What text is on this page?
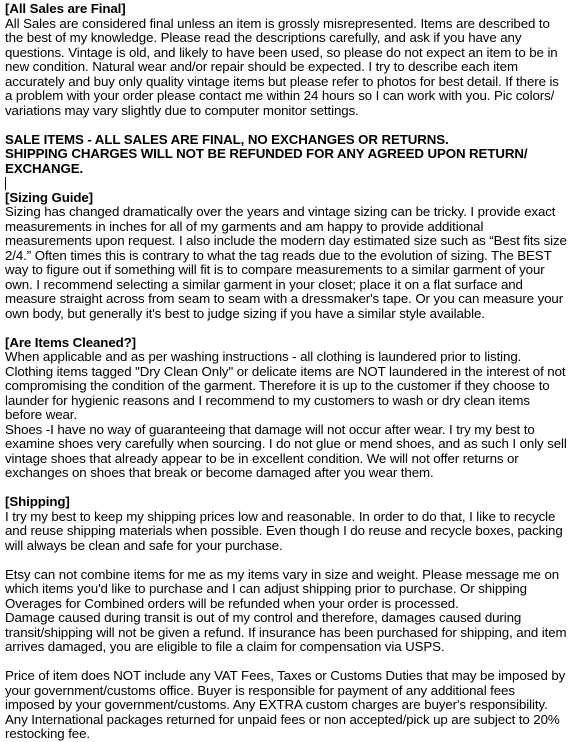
[All Sales are Final]
All Sales are considered final unless an item is grossly misrepresented. Items are described to the best of my knowledge. Please read the descriptions carefully, and ask if you have any questions. Vintage is old, and likely to have been used, so please do not expect an item to be in new condition. Natural wear and/or repair should be expected. I try to describe each item accurately and buy only quality vintage items but please refer to photos for best detail. If there is a problem with your order please contact me within 24 hours so I can work with you. Pic colors/ variations may vary slightly due to computer monitor settings.
SALE ITEMS - ALL SALES ARE FINAL, NO EXCHANGES OR RETURNS.
SHIPPING CHARGES WILL NOT BE REFUNDED FOR ANY AGREED UPON RETURN/ EXCHANGE.
[Sizing Guide]
Sizing has changed dramatically over the years and vintage sizing can be tricky. I provide exact measurements in inches for all of my garments and am happy to provide additional measurements upon request. I also include the modern day estimated size such as “Best fits size 2/4.” Often times this is contrary to what the tag reads due to the evolution of sizing. The BEST way to figure out if something will fit is to compare measurements to a similar garment of your own. I recommend selecting a similar garment in your closet; place it on a flat surface and measure straight across from seam to seam with a dressmaker's tape. Or you can measure your own body, but generally it's best to judge sizing if you have a similar style available.
[Are Items Cleaned?]
When applicable and as per washing instructions - all clothing is laundered prior to listing. Clothing items tagged "Dry Clean Only" or delicate items are NOT laundered in the interest of not compromising the condition of the garment. Therefore it is up to the customer if they choose to launder for hygienic reasons and I recommend to my customers to wash or dry clean items before wear.
Shoes -I have no way of guaranteeing that damage will not occur after wear. I try my best to examine shoes very carefully when sourcing. I do not glue or mend shoes, and as such I only sell vintage shoes that already appear to be in excellent condition. We will not offer returns or exchanges on shoes that break or become damaged after you wear them.
[Shipping]
I try my best to keep my shipping prices low and reasonable. In order to do that, I like to recycle and reuse shipping materials when possible. Even though I do reuse and recycle boxes, packing will always be clean and safe for your purchase.
Etsy can not combine items for me as my items vary in size and weight. Please message me on which items you'd like to purchase and I can adjust shipping prior to purchase. Or shipping Overages for Combined orders will be refunded when your order is processed.
Damage caused during transit is out of my control and therefore, damages caused during transit/shipping will not be given a refund. If insurance has been purchased for shipping, and item arrives damaged, you are eligible to file a claim for compensation via USPS.
Price of item does NOT include any VAT Fees, Taxes or Customs Duties that may be imposed by your government/customs office. Buyer is responsible for payment of any additional fees imposed by your government/customs. Any EXTRA custom charges are buyer's responsibility. Any International packages returned for unpaid fees or non accepted/pick up are subject to 20% restocking fee.
